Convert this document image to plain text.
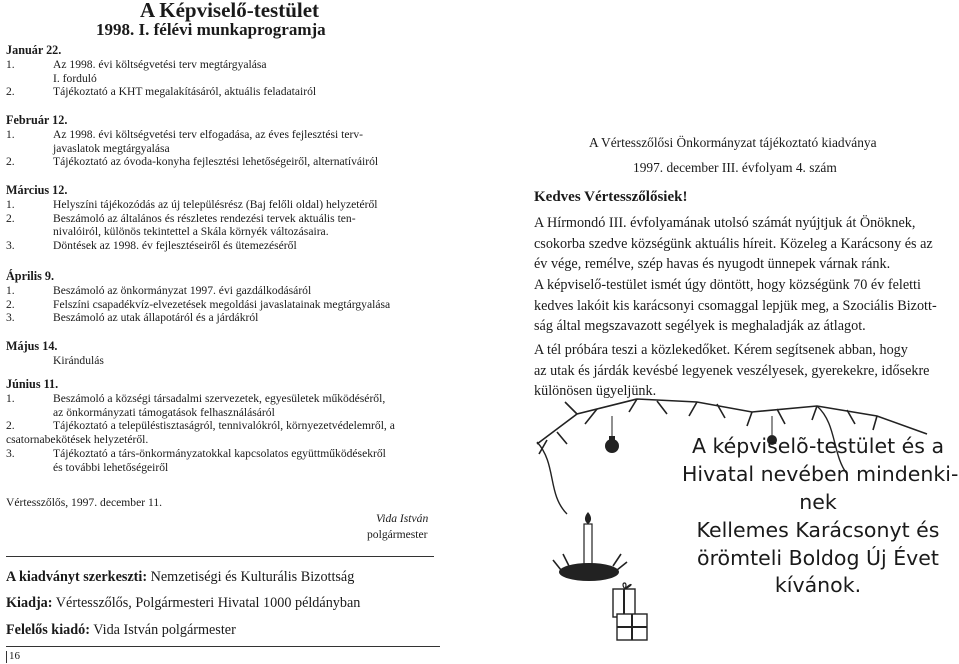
A Képviselő-testület
1998. I. félévi munkaprogramja
Január 22.
1.	Az 1998. évi költségvetési terv megtárgyalása
I. forduló
2.	Tájékoztató a KHT megalakításáról, aktuális feladatairól
Február 12.
1.	Az 1998. évi költségvetési terv elfogadása, az éves fejlesztési terv-
javaslatok megtárgyalása
2.	Tájékoztató az óvoda-konyha fejlesztési lehetőségeiről, alternatíváiról
Március 12.
1.	Helyszíni tájékozódás az új településrész (Baj felőli oldal) helyzetéről
2.	Beszámoló az általános és részletes rendezési tervek aktuális ten-
nivalóiról, különös tekintettel a Skála környék változásaira.
3.	Döntések az 1998. év fejlesztéseiről és ütemezéséről
Április 9.
1.	Beszámoló az önkormányzat 1997. évi gazdálkodásáról
2.	Felszíni csapadékvíz-elvezetések megoldási javaslatainak megtárgyalása
3.	Beszámoló az utak állapotáról és a járdákról
Május 14.
Kirándulás
Június 11.
1.	Beszámoló a községi társadalmi szervezetek, egyesületek működéséről,
az önkormányzati támogatások felhasználásáról
2.	Tájékoztató a településtisztaságról, tennivalókról, környezetvédelemről, a
csatornabekötések helyzetéről.
3.	Tájékoztató a társ-önkormányzatokkal kapcsolatos együttműködésekről
és további lehetőségeiről
Vértesszőlős, 1997. december 11.
Vida István
polgármester
A kiadványt szerkeszti: Nemzetiségi és Kulturális Bizottság
Kiadja: Vértesszőlős, Polgármesteri Hivatal 1000 példányban
Felelős kiadó: Vida István polgármester
16
A Vértesszőlősi Önkormányzat tájékoztató kiadványa
1997. december III. évfolyam 4. szám
Kedves Vértesszőlősiek!
A Hírmondó III. évfolyamának utolsó számát nyújtjuk át Önöknek,
csokorba szedve községünk aktuális híreit. Közeleg a Karácsony és az
év vége, remélve, szép havas és nyugodt ünnepek várnak ránk.
A képviselő-testület ismét úgy döntött, hogy községünk 70 év feletti
kedves lakóit kis karácsonyi csomaggal lepjük meg, a Szociális Bizott-
ság által megszavazott segélyek is meghaladják az átlagot.
A tél próbára teszi a közlekedőket. Kérem segítsenek abban, hogy
az utak és járdák kevésbé legyenek veszélyesek, gyerekekre, idősekre
különösen ügyeljünk.
A képviselõ-testület és a
Hivatal nevében mindenki-
nek
Kellemes Karácsonyt és
örömteli Boldog Új Évet
kívánok.
